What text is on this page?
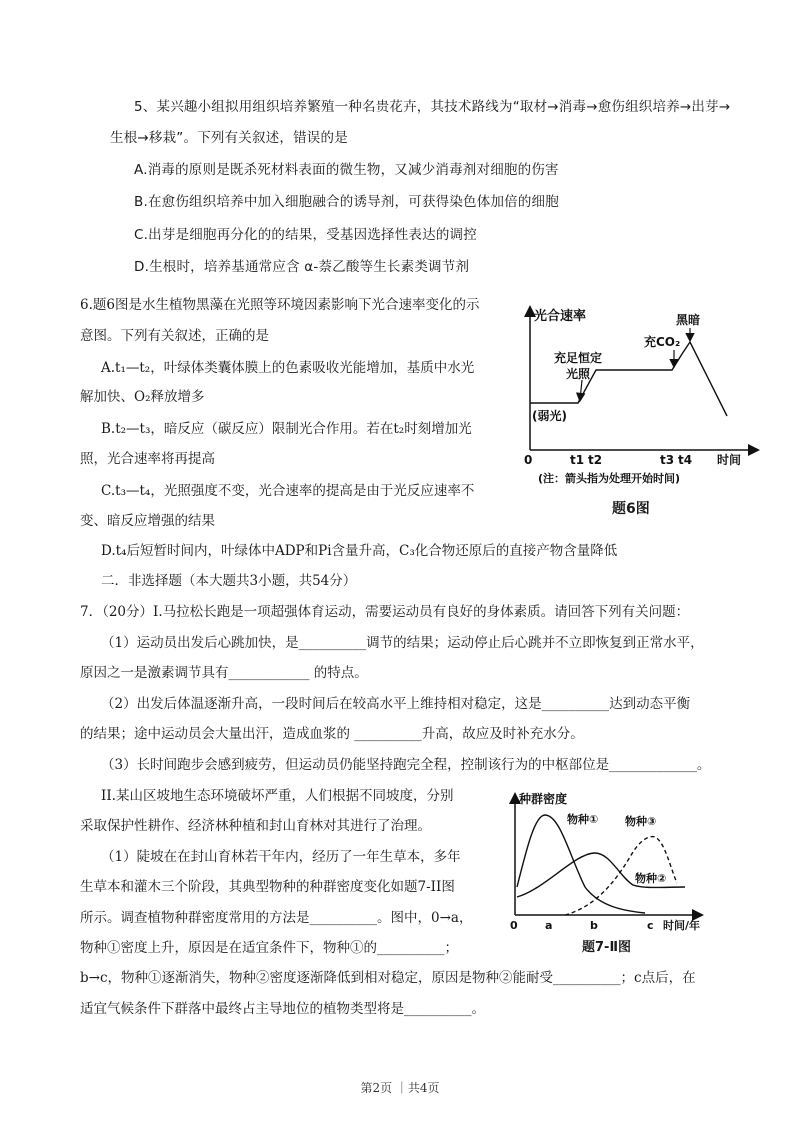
5、某兴趣小组拟用组织培养繁殖一种名贵花卉，其技术路线为“取材→消毒→愈伤组织培养→出芽→
生根→移栽”。下列有关叙述，错误的是
A.消毒的原则是既杀死材料表面的微生物，又减少消毒剂对细胞的伤害
B.在愈伤组织培养中加入细胞融合的诱导剂，可获得染色体加倍的细胞
C.出芽是细胞再分化的的结果，受基因选择性表达的调控
D.生根时，培养基通常应含 α-萘乙酸等生长素类调节剂
6.题6图是水生植物黑藻在光照等环境因素影响下光合速率变化的示
意图。下列有关叙述，正确的是
A.t₁—t₂，叶绿体类囊体膜上的色素吸收光能增加，基质中水光
解加快、O₂释放增多
B.t₂—t₃，暗反应（碳反应）限制光合作用。若在t₂时刻增加光
照，光合速率将再提高
C.t₃—t₄，光照强度不变，光合速率的提高是由于光反应速率不
变、暗反应增强的结果
D.t₄后短暂时间内，叶绿体中ADP和Pi含量升高，C₃化合物还原后的直接产物含量降低
光合速率
时间
0	t1 t2	t3 t4
(弱光)
充足恒定
光照
充CO₂
黑暗
(注：箭头指为处理开始时间)
题6图
二．非选择题（本大题共3小题，共54分）
7．（20分）I.马拉松长跑是一项超强体育运动，需要运动员有良好的身体素质。请回答下列有关问题：
（1）运动员出发后心跳加快，是__________调节的结果；运动停止后心跳并不立即恢复到正常水平，
原因之一是激素调节具有____________ 的特点。
（2）出发后体温逐渐升高，一段时间后在较高水平上维持相对稳定，这是__________达到动态平衡
的结果；途中运动员会大量出汗，造成血浆的 __________升高，故应及时补充水分。
（3）长时间跑步会感到疲劳，但运动员仍能坚持跑完全程，控制该行为的中枢部位是_____________。
II.某山区坡地生态环境破坏严重，人们根据不同坡度，分别
采取保护性耕作、经济林种植和封山育林对其进行了治理。
（1）陡坡在在封山育林若干年内，经历了一年生草本，多年
生草本和灌木三个阶段，其典型物种的种群密度变化如题7-II图
所示。调查植物种群密度常用的方法是__________。图中，0→a，
物种①密度上升，原因是在适宜条件下，物种①的__________；
b→c，物种①逐渐消失，物种②密度逐渐降低到相对稳定，原因是物种②能耐受__________；c点后，在
适宜气候条件下群落中最终占主导地位的植物类型将是__________。
种群密度
时间/年
0 a	b	c
物种① 物种③
物种②
题7-Ⅱ图
第2页 ｜共4页
